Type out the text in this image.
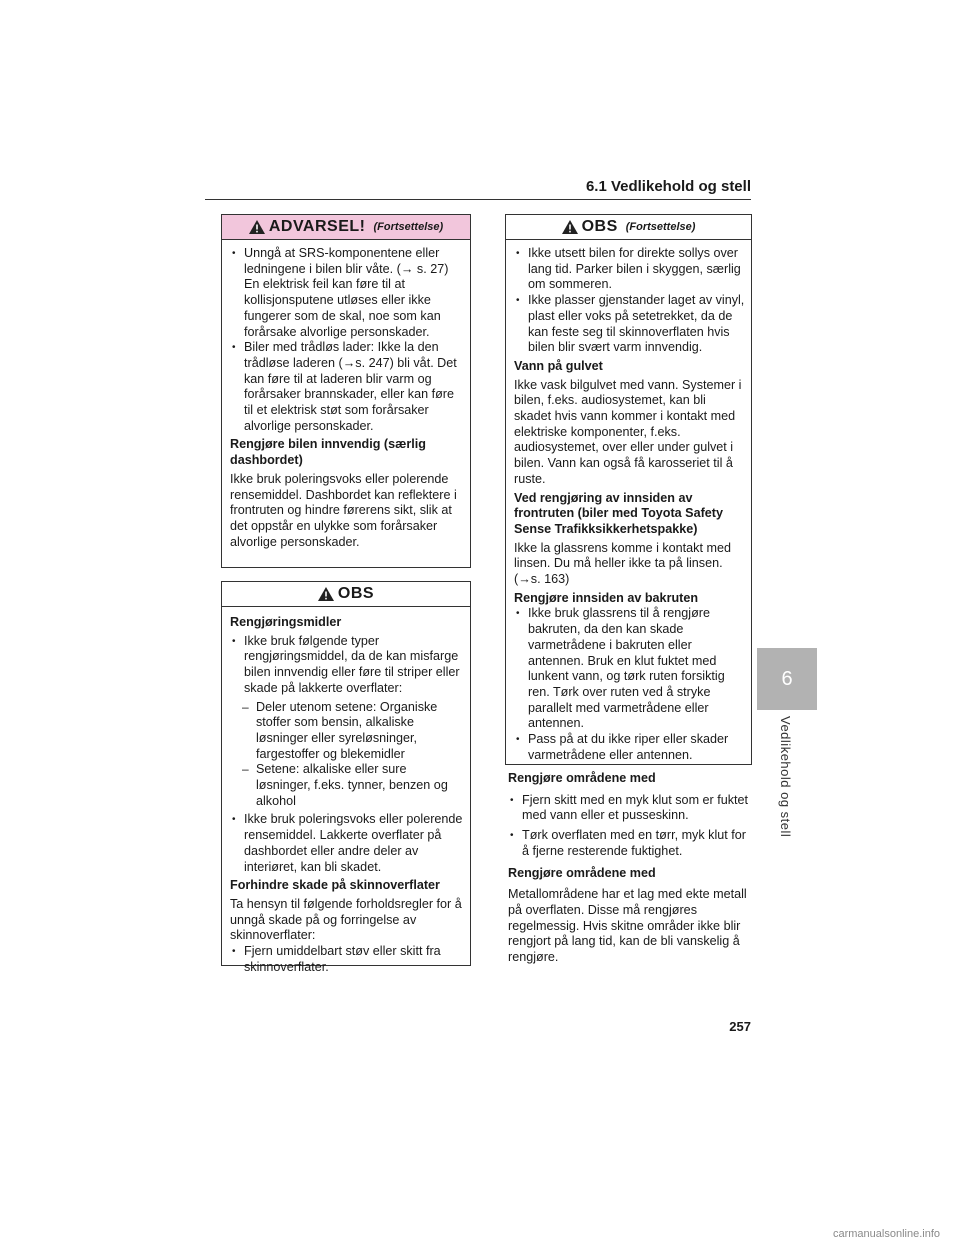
6.1 Vedlikehold og stell
ADVARSEL! (Fortsettelse)
• Unngå at SRS-komponentene eller ledningene i bilen blir våte. (→ s. 27) En elektrisk feil kan føre til at kollisjonsputene utløses eller ikke fungerer som de skal, noe som kan forårsake alvorlige personskader.
• Biler med trådløs lader: Ikke la den trådløse laderen (→s. 247) bli våt. Det kan føre til at laderen blir varm og forårsaker brannskader, eller kan føre til et elektrisk støt som forårsaker alvorlige personskader.

Rengjøre bilen innvendig (særlig dashbordet)

Ikke bruk poleringsvoks eller polerende rensemiddel. Dashbordet kan reflektere i frontruten og hindre førerens sikt, slik at det oppstår en ulykke som forårsaker alvorlige personskader.

OBS

Rengjøringsmidler

• Ikke bruk følgende typer rengjøringsmiddel, da de kan misfarge bilen innvendig eller føre til striper eller skade på lakkerte overflater:
– Deler utenom setene: Organiske stoffer som bensin, alkaliske løsninger eller syreløsninger, fargestoffer og blekemidler
– Setene: alkaliske eller sure løsninger, f.eks. tynner, benzen og alkohol
• Ikke bruk poleringsvoks eller polerende rensemiddel. Lakkerte overflater på dashbordet eller andre deler av interiøret, kan bli skadet.

Forhindre skade på skinnoverflater

Ta hensyn til følgende forholdsregler for å unngå skade på og forringelse av skinnoverflater:

• Fjern umiddelbart støv eller skitt fra skinnoverflater.
OBS (Fortsettelse)
• Ikke utsett bilen for direkte sollys over lang tid. Parker bilen i skyggen, særlig om sommeren.
• Ikke plasser gjenstander laget av vinyl, plast eller voks på setetrekket, da de kan feste seg til skinnoverflaten hvis bilen blir svært varm innvendig.

Vann på gulvet

Ikke vask bilgulvet med vann. Systemer i bilen, f.eks. audiosystemet, kan bli skadet hvis vann kommer i kontakt med elektriske komponenter, f.eks. audiosystemet, over eller under gulvet i bilen. Vann kan også få karosseriet til å ruste.

Ved rengjøring av innsiden av frontruten (biler med Toyota Safety Sense Trafikksikkerhetspakke)

Ikke la glassrens komme i kontakt med linsen. Du må heller ikke ta på linsen. (→s. 163)

Rengjøre innsiden av bakruten

• Ikke bruk glassrens til å rengjøre bakruten, da den kan skade varmetrådene i bakruten eller antennen. Bruk en klut fuktet med lunkent vann, og tørk ruten forsiktig ren. Tørk over ruten ved å stryke parallelt med varmetrådene eller antennen.
• Pass på at du ikke riper eller skader varmetrådene eller antennen.

Rengjøre områdene med

• Fjern skitt med en myk klut som er fuktet med vann eller et pusseskinn.
• Tørk overflaten med en tørr, myk klut for å fjerne resterende fuktighet.

Rengjøre områdene med

Metallområdene har et lag med ekte metall på overflaten. Disse må rengjøres regelmessig. Hvis skitne områder ikke blir rengjort på lang tid, kan de bli vanskelig å rengjøre.

6
Vedlikehold og stell
257
carmanualsonline.info
